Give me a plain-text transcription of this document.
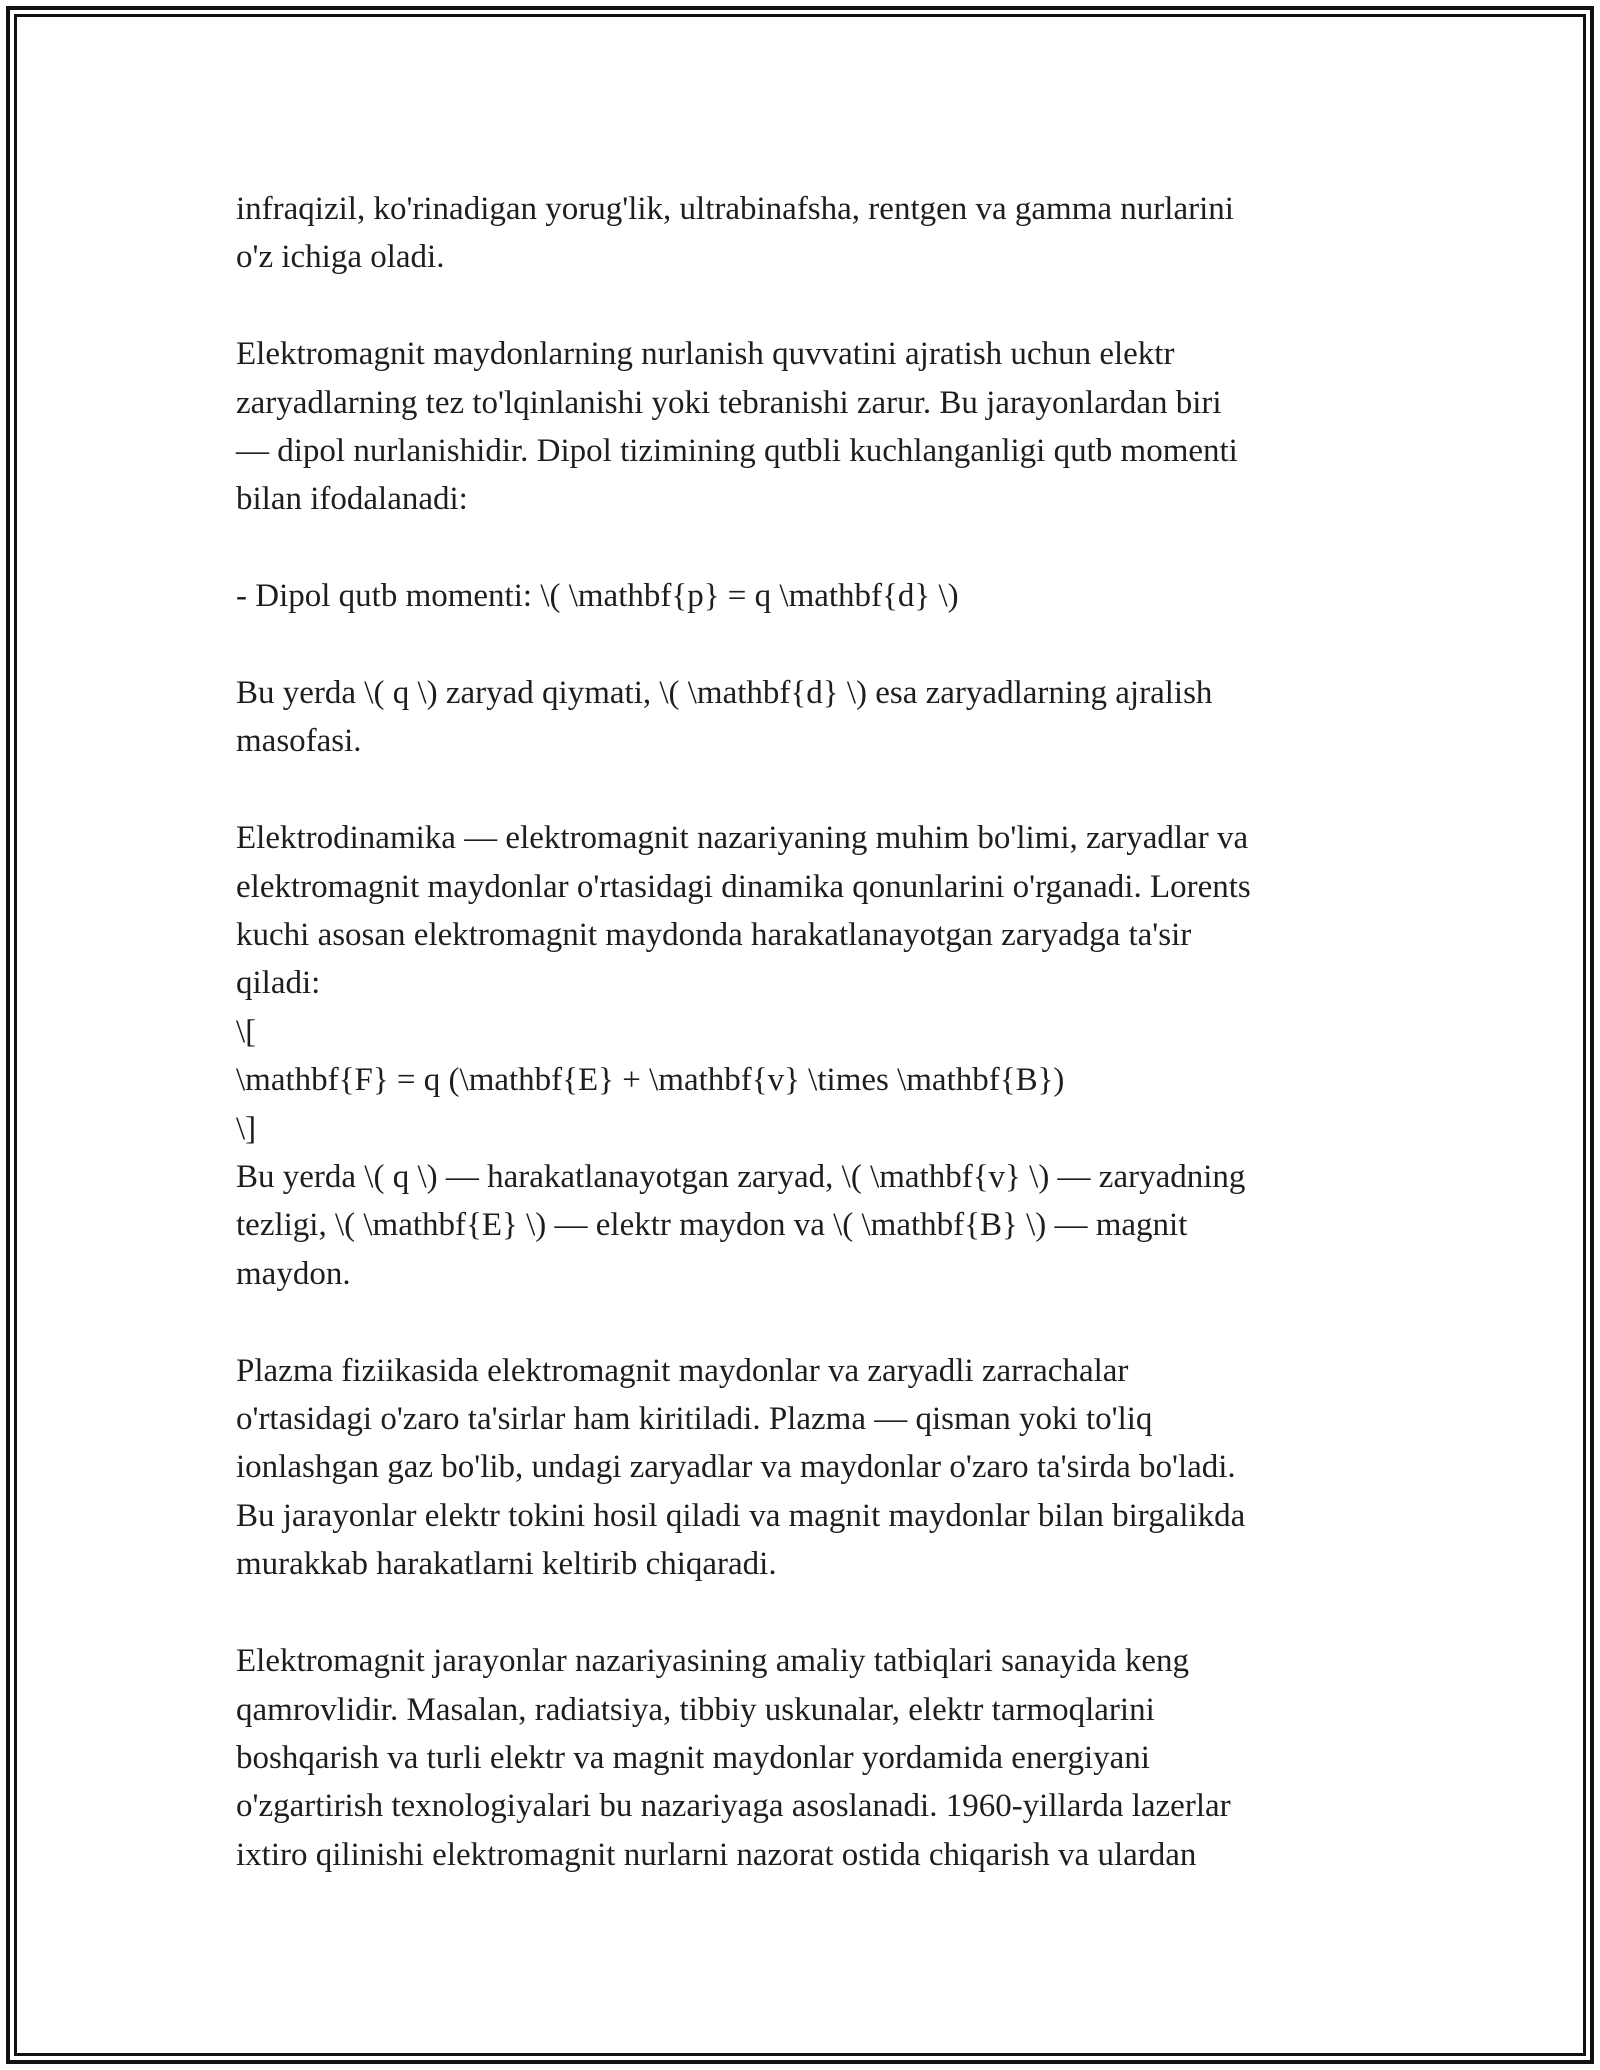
infraqizil, ko'rinadigan yorug'lik, ultrabinafsha, rentgen va gamma nurlarini
o'z ichiga oladi.

Elektromagnit maydonlarning nurlanish quvvatini ajratish uchun elektr
zaryadlarning tez to'lqinlanishi yoki tebranishi zarur. Bu jarayonlardan biri
— dipol nurlanishidir. Dipol tizimining qutbli kuchlanganligi qutb momenti
bilan ifodalanadi:

- Dipol qutb momenti: \( \mathbf{p} = q \mathbf{d} \)

Bu yerda \( q \) zaryad qiymati, \( \mathbf{d} \) esa zaryadlarning ajralish
masofasi.

Elektrodinamika — elektromagnit nazariyaning muhim bo'limi, zaryadlar va
elektromagnit maydonlar o'rtasidagi dinamika qonunlarini o'rganadi. Lorents
kuchi asosan elektromagnit maydonda harakatlanayotgan zaryadga ta'sir
qiladi:
\[
\mathbf{F} = q (\mathbf{E} + \mathbf{v} \times \mathbf{B})
\]
Bu yerda \( q \) — harakatlanayotgan zaryad, \( \mathbf{v} \) — zaryadning
tezligi, \( \mathbf{E} \) — elektr maydon va \( \mathbf{B} \) — magnit
maydon.

Plazma fiziikasida elektromagnit maydonlar va zaryadli zarrachalar
o'rtasidagi o'zaro ta'sirlar ham kiritiladi. Plazma — qisman yoki to'liq
ionlashgan gaz bo'lib, undagi zaryadlar va maydonlar o'zaro ta'sirda bo'ladi.
Bu jarayonlar elektr tokini hosil qiladi va magnit maydonlar bilan birgalikda
murakkab harakatlarni keltirib chiqaradi.

Elektromagnit jarayonlar nazariyasining amaliy tatbiqlari sanayida keng
qamrovlidir. Masalan, radiatsiya, tibbiy uskunalar, elektr tarmoqlarini
boshqarish va turli elektr va magnit maydonlar yordamida energiyani
o'zgartirish texnologiyalari bu nazariyaga asoslanadi. 1960-yillarda lazerlar
ixtiro qilinishi elektromagnit nurlarni nazorat ostida chiqarish va ulardan
